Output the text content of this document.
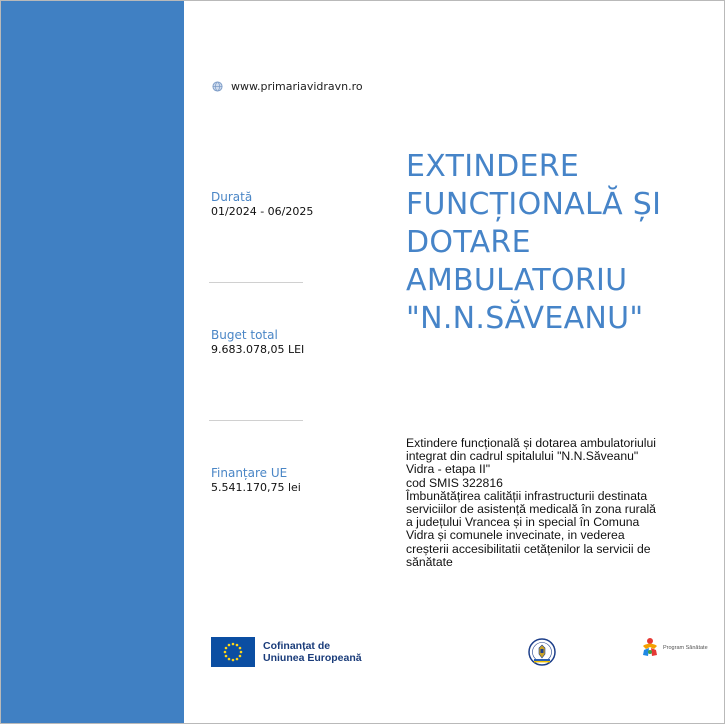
www.primariavidravn.ro
EXTINDERE
FUNCȚIONALĂ ȘI
DOTARE
AMBULATORIU
"N.N.SĂVEANU"
Durată
01/2024 - 06/2025
Buget total
9.683.078,05 LEI
Finanțare UE
5.541.170,75 lei
Extindere funcțională și dotarea ambulatoriului
integrat din cadrul spitalului "N.N.Săveanu"
Vidra - etapa II"
cod SMIS 322816
Îmbunătățirea calității infrastructurii destinata
serviciilor de asistență medicală în zona rurală
a județului Vrancea și in special în Comuna
Vidra și comunele invecinate, in vederea
creșterii accesibilitatii cetățenilor la servicii de
sănătate
Cofinanțat de
Uniunea Europeană
Program Sănătate
